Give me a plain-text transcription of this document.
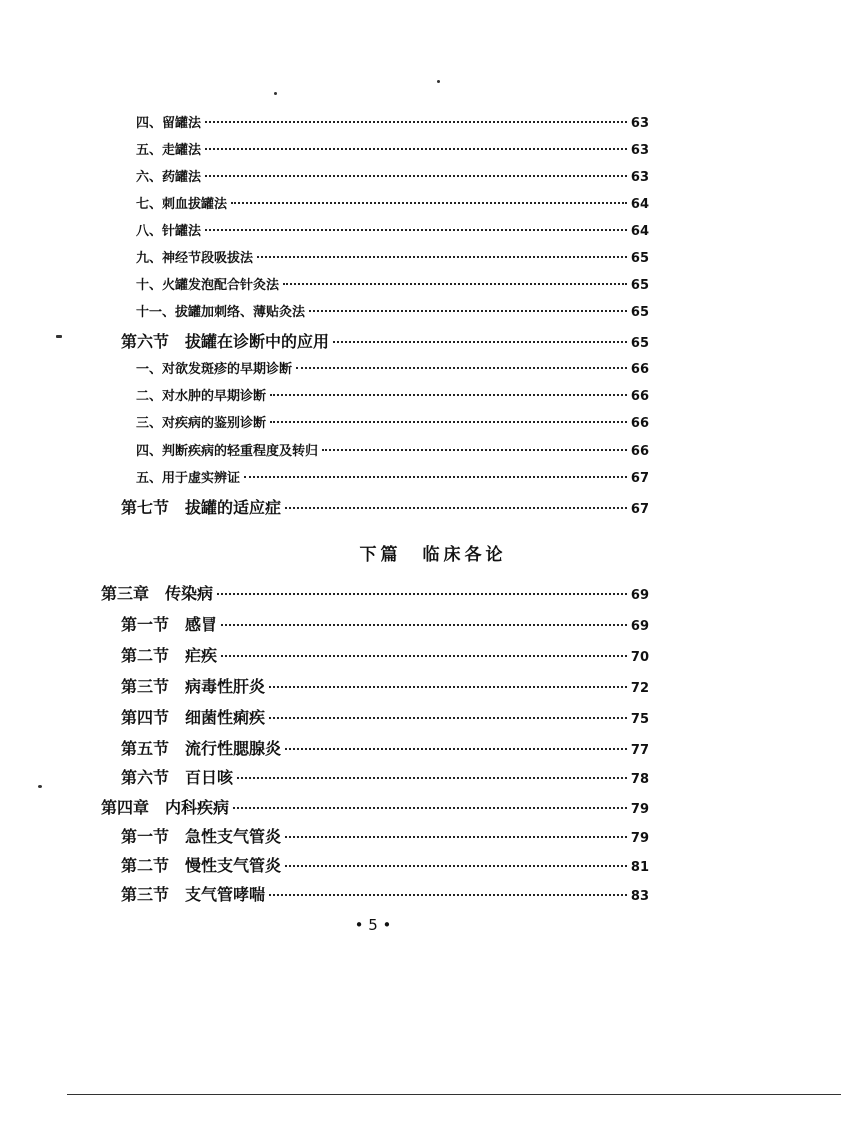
四、留罐法	63
五、走罐法	63
六、药罐法	63
七、刺血拔罐法	64
八、针罐法	64
九、神经节段吸拔法	65
十、火罐发泡配合针灸法	65
十一、拔罐加刺络、薄贴灸法	65
第六节　拔罐在诊断中的应用	65
一、对欲发斑疹的早期诊断	66
二、对水肿的早期诊断	66
三、对疾病的鉴别诊断	66
四、判断疾病的轻重程度及转归	66
五、用于虚实辨证	67
第七节　拔罐的适应症	67
下篇　临床各论
第三章　传染病	69
第一节　感冒	69
第二节　疟疾	70
第三节　病毒性肝炎	72
第四节　细菌性痢疾	75
第五节　流行性腮腺炎	77
第六节　百日咳	78
第四章　内科疾病	79
第一节　急性支气管炎	79
第二节　慢性支气管炎	81
第三节　支气管哮喘	83
• 5 •
